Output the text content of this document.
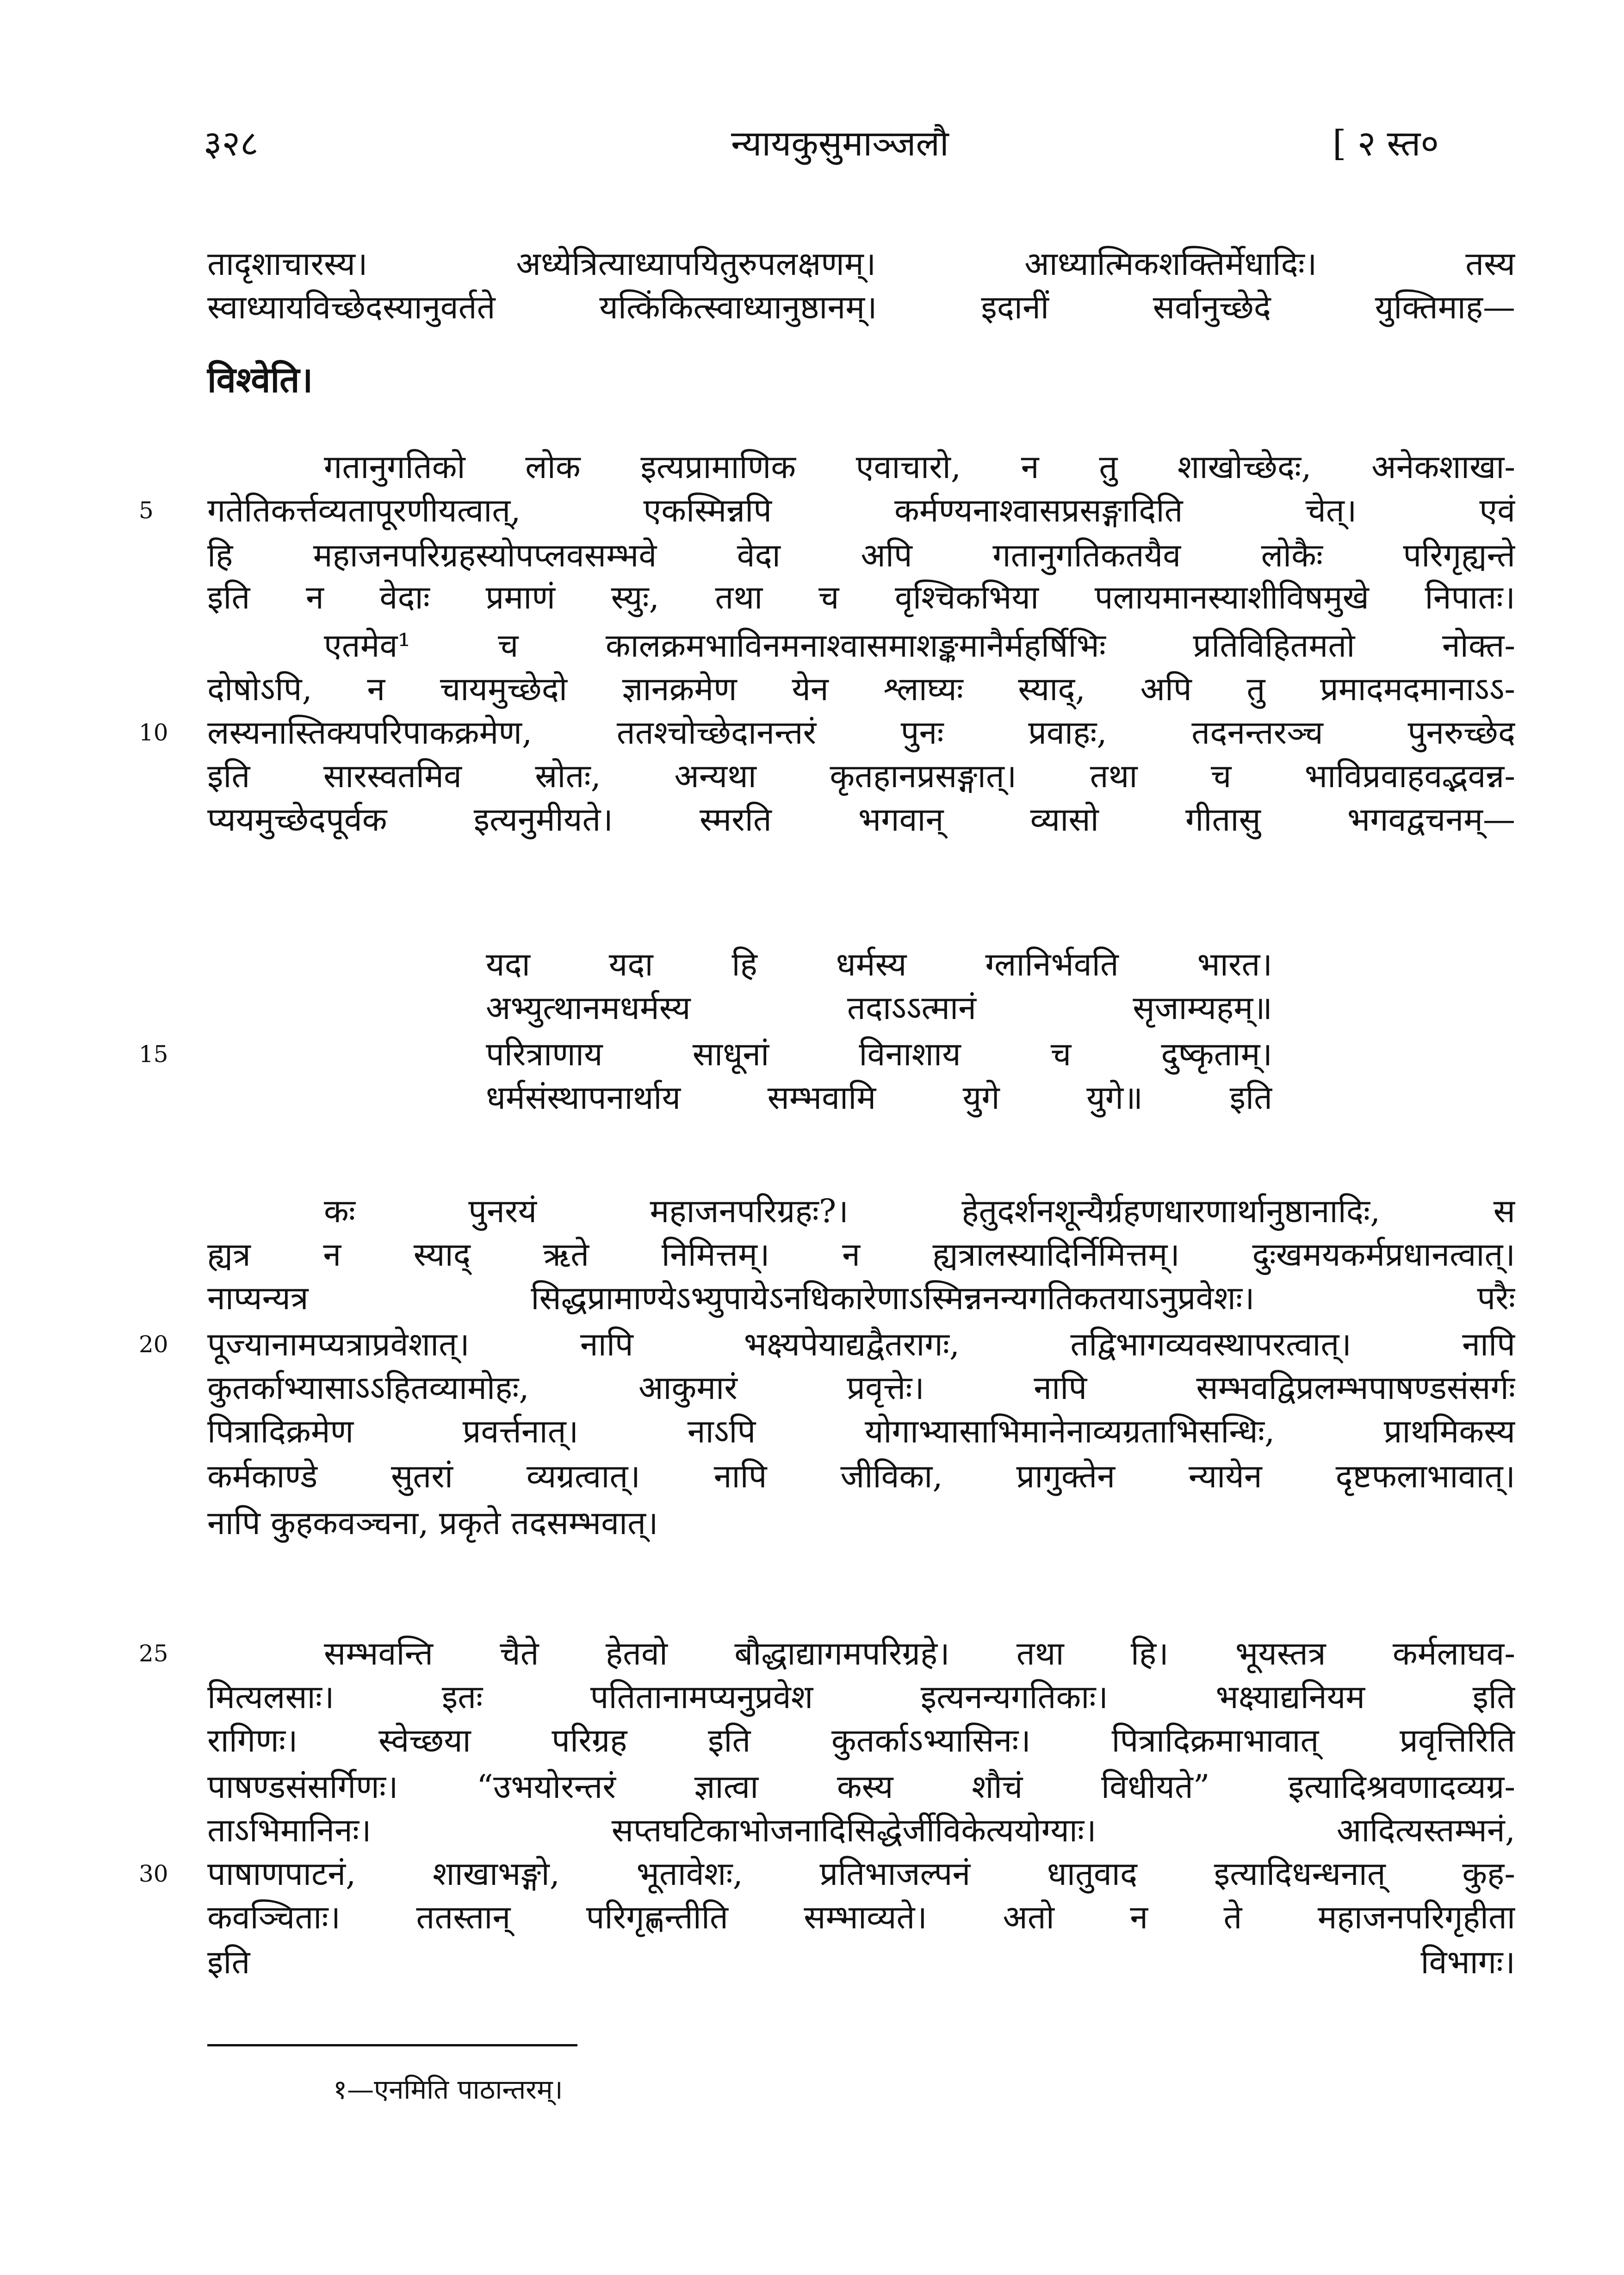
३२८	न्यायकुसुमाञ्जलौ	[ २ स्त०
तादृशाचारस्य। अध्येत्रित्याध्यापयितुरुपलक्षणम्। आध्यात्मिकशक्तिर्मेधादिः। तस्य
स्वाध्यायविच्छेदस्यानुवर्तते यत्किंकित्स्वाध्यानुष्ठानम्। इदानीं सर्वानुच्छेदे युक्तिमाह—
विश्वेति।
गतानुगतिको लोक इत्यप्रामाणिक एवाचारो, न तु शाखोच्छेदः, अनेकशाखा-
गतेतिकर्त्तव्यतापूरणीयत्वात्, एकस्मिन्नपि कर्मण्यनाश्वासप्रसङ्गादिति चेत्। एवं
5
हि महाजनपरिग्रहस्योपप्लवसम्भवे वेदा अपि गतानुगतिकतयैव लोकैः परिगृह्यन्ते
इति न वेदाः प्रमाणं स्युः, तथा च वृश्चिकभिया पलायमानस्याशीविषमुखे निपातः।
एतमेव¹ च कालक्रमभाविनमनाश्वासमाशङ्कमानैर्महर्षिभिः प्रतिविहितमतो नोक्त-
दोषोऽपि, न चायमुच्छेदो ज्ञानक्रमेण येन श्लाघ्यः स्याद्, अपि तु प्रमादमदमानाऽऽ-
लस्यनास्तिक्यपरिपाकक्रमेण, ततश्चोच्छेदानन्तरं पुनः प्रवाहः, तदनन्तरञ्च पुनरुच्छेद
10
इति सारस्वतमिव स्रोतः, अन्यथा कृतहानप्रसङ्गात्। तथा च भाविप्रवाहवद्भवन्न-
प्ययमुच्छेदपूर्वक इत्यनुमीयते। स्मरति भगवान् व्यासो गीतासु भगवद्वचनम्—
यदा यदा हि धर्मस्य ग्लानिर्भवति भारत।
अभ्युत्थानमधर्मस्य तदाऽऽत्मानं सृजाम्यहम्॥
परित्राणाय साधूनां विनाशाय च दुष्कृताम्।
15
धर्मसंस्थापनार्थाय सम्भवामि युगे युगे॥ इति
कः पुनरयं महाजनपरिग्रहः?। हेतुदर्शनशून्यैर्ग्रहणधारणार्थानुष्ठानादिः, स
ह्यत्र न स्याद् ऋते निमित्तम्। न ह्यत्रालस्यादिर्निमित्तम्। दुःखमयकर्मप्रधानत्वात्।
नाप्यन्यत्र सिद्धप्रामाण्येऽभ्युपायेऽनधिकारेणाऽस्मिन्ननन्यगतिकतयाऽनुप्रवेशः। परैः
पूज्यानामप्यत्राप्रवेशात्। नापि भक्ष्यपेयाद्यद्वैतरागः, तद्विभागव्यवस्थापरत्वात्। नापि
20
कुतर्काभ्यासाऽऽहितव्यामोहः, आकुमारं प्रवृत्तेः। नापि सम्भवद्विप्रलम्भपाषण्डसंसर्गः
पित्रादिक्रमेण प्रवर्त्तनात्। नाऽपि योगाभ्यासाभिमानेनाव्यग्रताभिसन्धिः, प्राथमिकस्य
कर्मकाण्डे सुतरां व्यग्रत्वात्। नापि जीविका, प्रागुक्तेन न्यायेन दृष्टफलाभावात्।
नापि कुहकवञ्चना, प्रकृते तदसम्भवात्।
सम्भवन्ति चैते हेतवो बौद्धाद्यागमपरिग्रहे। तथा हि। भूयस्तत्र कर्मलाघव-
25
मित्यलसाः। इतः पतितानामप्यनुप्रवेश इत्यनन्यगतिकाः। भक्ष्याद्यनियम इति
रागिणः। स्वेच्छया परिग्रह इति कुतर्काऽभ्यासिनः। पित्रादिक्रमाभावात् प्रवृत्तिरिति
पाषण्डसंसर्गिणः। “उभयोरन्तरं ज्ञात्वा कस्य शौचं विधीयते” इत्यादिश्रवणादव्यग्र-
ताऽभिमानिनः। सप्तघटिकाभोजनादिसिद्धेर्जीविकेत्ययोग्याः। आदित्यस्तम्भनं,
पाषाणपाटनं, शाखाभङ्गो, भूतावेशः, प्रतिभाजल्पनं धातुवाद इत्यादिधन्धनात् कुह-
30
कवञ्चिताः। ततस्तान् परिगृह्णन्तीति सम्भाव्यते। अतो न ते महाजनपरिगृहीता
इति विभागः।
१—एनमिति पाठान्तरम्।
